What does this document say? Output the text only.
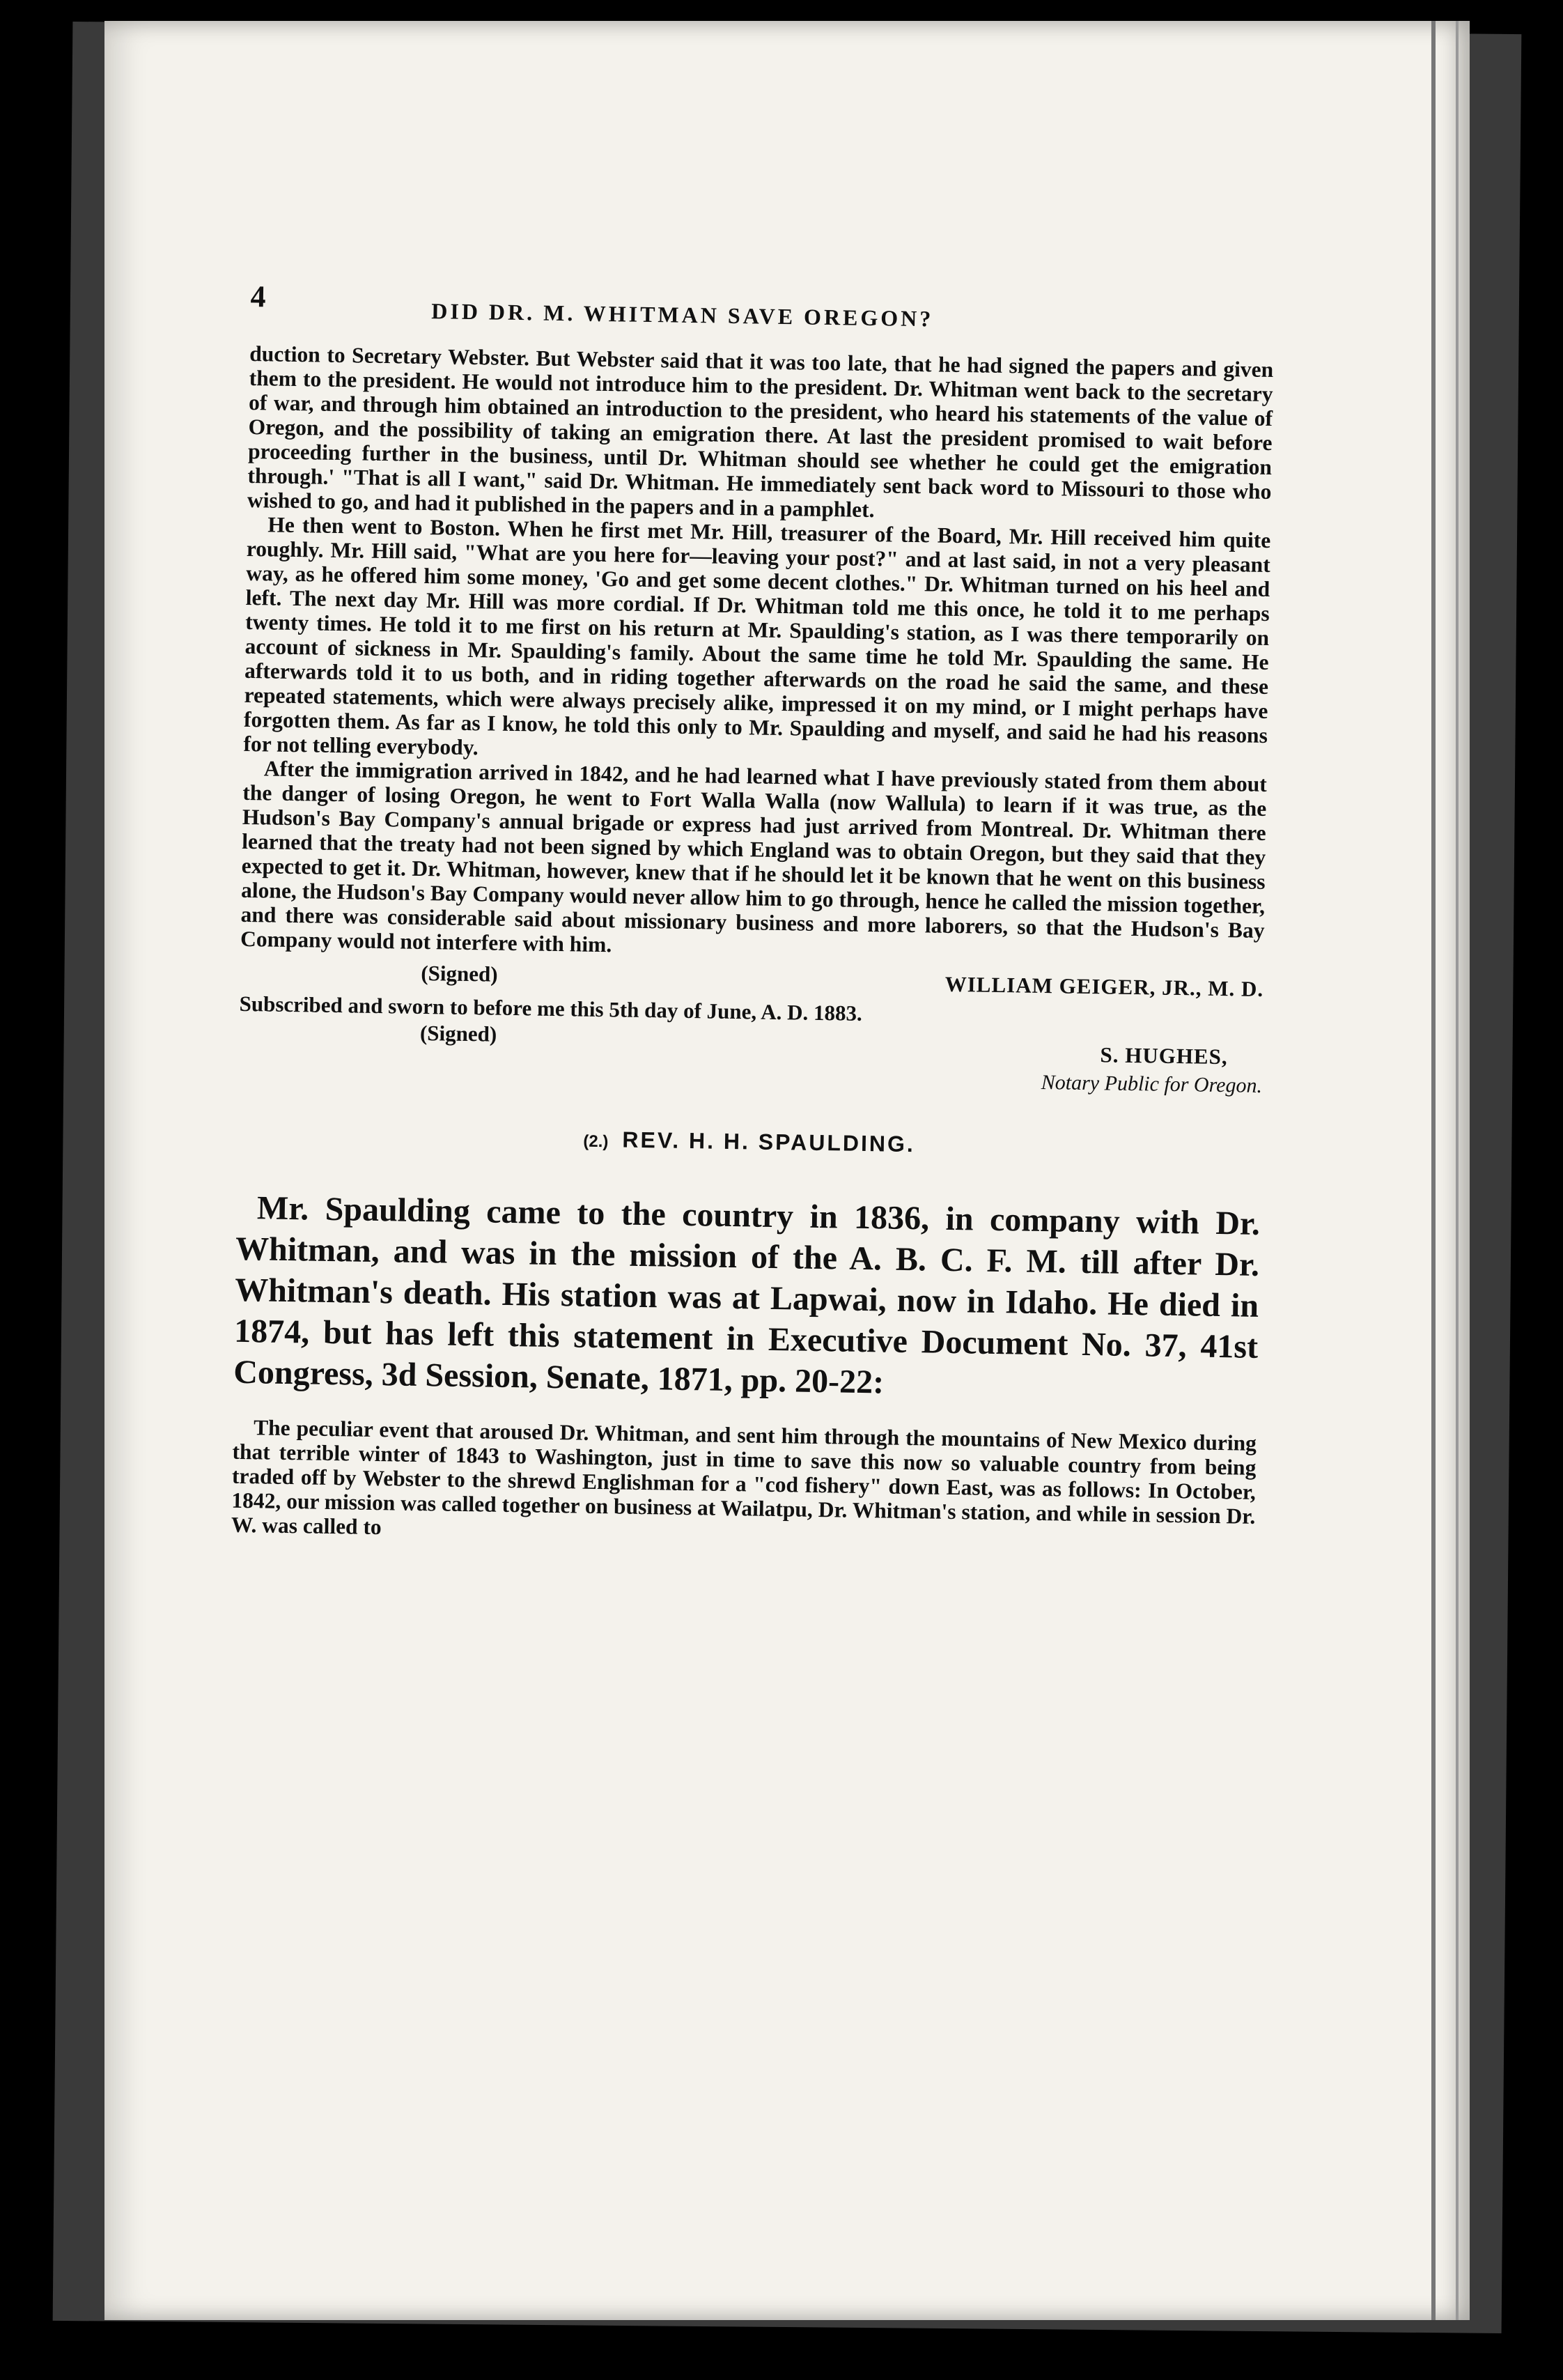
4
DID DR. M. WHITMAN SAVE OREGON?

duction to Secretary Webster. But Webster said that it was too late, that he had signed the papers and given them to the president. He would not introduce him to the president. Dr. Whitman went back to the secretary of war, and through him obtained an introduction to the president, who heard his statements of the value of Oregon, and the possibility of taking an emigration there. At last the president promised to wait before proceeding further in the business, until Dr. Whitman should see whether he could get the emigration through.' "That is all I want," said Dr. Whitman. He immediately sent back word to Missouri to those who wished to go, and had it published in the papers and in a pamphlet.

He then went to Boston. When he first met Mr. Hill, treasurer of the Board, Mr. Hill received him quite roughly. Mr. Hill said, "What are you here for—leaving your post?" and at last said, in not a very pleasant way, as he offered him some money, 'Go and get some decent clothes." Dr. Whitman turned on his heel and left. The next day Mr. Hill was more cordial. If Dr. Whitman told me this once, he told it to me perhaps twenty times. He told it to me first on his return at Mr. Spaulding's station, as I was there temporarily on account of sickness in Mr. Spaulding's family. About the same time he told Mr. Spaulding the same. He afterwards told it to us both, and in riding together afterwards on the road he said the same, and these repeated statements, which were always precisely alike, impressed it on my mind, or I might perhaps have forgotten them. As far as I know, he told this only to Mr. Spaulding and myself, and said he had his reasons for not telling everybody.

After the immigration arrived in 1842, and he had learned what I have previously stated from them about the danger of losing Oregon, he went to Fort Walla Walla (now Wallula) to learn if it was true, as the Hudson's Bay Company's annual brigade or express had just arrived from Montreal. Dr. Whitman there learned that the treaty had not been signed by which England was to obtain Oregon, but they said that they expected to get it. Dr. Whitman, however, knew that if he should let it be known that he went on this business alone, the Hudson's Bay Company would never allow him to go through, hence he called the mission together, and there was considerable said about missionary business and more laborers, so that the Hudson's Bay Company would not interfere with him.

(Signed)	WILLIAM GEIGER, JR., M. D.
Subscribed and sworn to before me this 5th day of June, A. D. 1883.
(Signed)
S. HUGHES,
Notary Public for Oregon.
(2.) REV. H. H. SPAULDING.
Mr. Spaulding came to the country in 1836, in company with Dr. Whitman, and was in the mission of the A. B. C. F. M. till after Dr. Whitman's death. His station was at Lapwai, now in Idaho. He died in 1874, but has left this statement in Executive Document No. 37, 41st Congress, 3d Session, Senate, 1871, pp. 20-22:

The peculiar event that aroused Dr. Whitman, and sent him through the mountains of New Mexico during that terrible winter of 1843 to Washington, just in time to save this now so valuable country from being traded off by Webster to the shrewd Englishman for a "cod fishery" down East, was as follows: In October, 1842, our mission was called together on business at Wailatpu, Dr. Whitman's station, and while in session Dr. W. was called to
